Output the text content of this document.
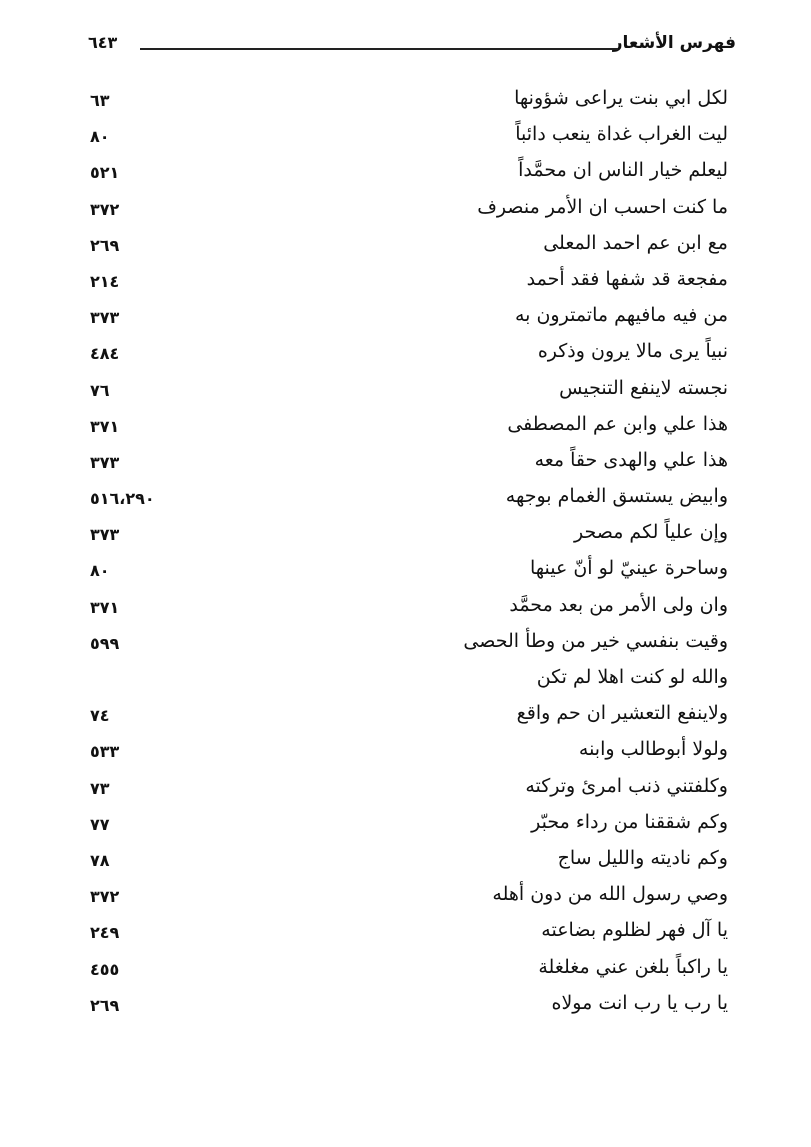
فهرس الأشعار
٦٤٣
لكل ابي بنت يراعى شؤونها
٦٣
ليت الغراب غداة ينعب دائباً
٨٠
ليعلم خيار الناس ان محمَّداً
٥٢١
ما كنت احسب ان الأمر منصرف
٣٧٢
مع ابن عم احمد المعلى
٢٦٩
مفجعة قد شفها فقد أحمد
٢١٤
من فيه مافيهم ماتمترون به
٣٧٣
نبياً يرى مالا يرون وذكره
٤٨٤
نجسته لاينفع التنجيس
٧٦
هذا علي وابن عم المصطفى
٣٧١
هذا علي والهدى حقاً معه
٣٧٣
وابيض يستسق الغمام بوجهه
٥١٦،٢٩٠
وإن علياً لكم مصحر
٣٧٣
وساحرة عينيّ لو أنّ عينها
٨٠
وان ولى الأمر من بعد محمَّد
٣٧١
وقيت بنفسي خير من وطأ الحصى
٥٩٩
والله لو كنت اهلا لم تكن
ولاينفع التعشير ان حم واقع
٧٤
ولولا أبوطالب وابنه
٥٣٣
وكلفتني ذنب امرئ وتركته
٧٣
وكم شققنا من رداء محبّر
٧٧
وكم ناديته والليل ساج
٧٨
وصي رسول الله من دون أهله
٣٧٢
يا آل فهر لظلوم بضاعته
٢٤٩
يا راكباً بلغن عني مغلغلة
٤٥٥
يا رب يا رب انت مولاه
٢٦٩
